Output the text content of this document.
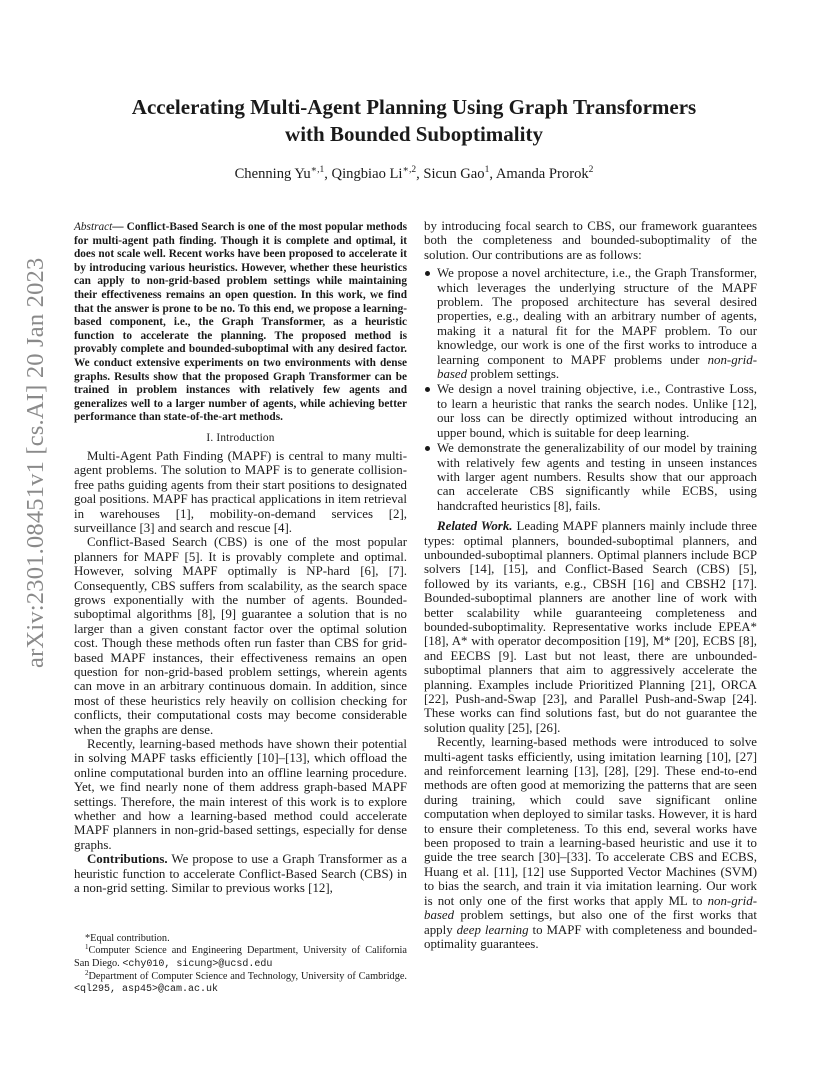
arXiv:2301.08451v1 [cs.AI] 20 Jan 2023
Accelerating Multi-Agent Planning Using Graph Transformers
with Bounded Suboptimality
Chenning $Yu^{∗,1}$, Qingbiao $Li^{∗,2}$, Sicun Gao$^1$, Amanda Prorok$^2$
Abstract— Conflict-Based Search is one of the most popular methods for multi-agent path finding. Though it is complete and optimal, it does not scale well. Recent works have been proposed to accelerate it by introducing various heuristics. However, whether these heuristics can apply to non-grid-based problem settings while maintaining their effectiveness remains an open question. In this work, we find that the answer is prone to be no. To this end, we propose a learning-based component, i.e., the Graph Transformer, as a heuristic function to accelerate the planning. The proposed method is provably complete and bounded-suboptimal with any desired factor. We conduct extensive experiments on two environments with dense graphs. Results show that the proposed Graph Transformer can be trained in problem instances with relatively few agents and generalizes well to a larger number of agents, while achieving better performance than state-of-the-art methods.
I. Introduction

Multi-Agent Path Finding (MAPF) is central to many multi-agent problems. The solution to MAPF is to generate collision-free paths guiding agents from their start positions to designated goal positions. MAPF has practical applications in item retrieval in warehouses [1], mobility-on-demand services [2], surveillance [3] and search and rescue [4].

Conflict-Based Search (CBS) is one of the most popular planners for MAPF [5]. It is provably complete and optimal. However, solving MAPF optimally is NP-hard [6], [7]. Consequently, CBS suffers from scalability, as the search space grows exponentially with the number of agents. Bounded-suboptimal algorithms [8], [9] guarantee a solution that is no larger than a given constant factor over the optimal solution cost. Though these methods often run faster than CBS for grid-based MAPF instances, their effectiveness remains an open question for non-grid-based problem settings, wherein agents can move in an arbitrary continuous domain. In addition, since most of these heuristics rely heavily on collision checking for conflicts, their computational costs may become considerable when the graphs are dense.

Recently, learning-based methods have shown their potential in solving MAPF tasks efficiently [10]–[13], which offload the online computational burden into an offline learning procedure. Yet, we find nearly none of them address graph-based MAPF settings. Therefore, the main interest of this work is to explore whether and how a learning-based method could accelerate MAPF planners in non-grid-based settings, especially for dense graphs.

Contributions. We propose to use a Graph Transformer as a heuristic function to accelerate Conflict-Based Search (CBS) in a non-grid setting. Similar to previous works [12],

*Equal contribution.

$^1$Computer Science and Engineering Department, University of California San Diego. <chy010, sicung>@ucsd.edu

$^2$Department of Computer Science and Technology, University of Cambridge. <ql295, asp45>@cam.ac.uk

by introducing focal search to CBS, our framework guarantees both the completeness and bounded-suboptimality of the solution. Our contributions are as follows:

We propose a novel architecture, i.e., the Graph Transformer, which leverages the underlying structure of the MAPF problem. The proposed architecture has several desired properties, e.g., dealing with an arbitrary number of agents, making it a natural fit for the MAPF problem. To our knowledge, our work is one of the first works to introduce a learning component to MAPF problems under non-grid-based problem settings.
We design a novel training objective, i.e., Contrastive Loss, to learn a heuristic that ranks the search nodes. Unlike [12], our loss can be directly optimized without introducing an upper bound, which is suitable for deep learning.
We demonstrate the generalizability of our model by training with relatively few agents and testing in unseen instances with larger agent numbers. Results show that our approach can accelerate CBS significantly while ECBS, using handcrafted heuristics [8], fails.

Related Work. Leading MAPF planners mainly include three types: optimal planners, bounded-suboptimal planners, and unbounded-suboptimal planners. Optimal planners include BCP solvers [14], [15], and Conflict-Based Search (CBS) [5], followed by its variants, e.g., CBSH [16] and CBSH2 [17]. Bounded-suboptimal planners are another line of work with better scalability while guaranteeing completeness and bounded-suboptimality. Representative works include EPEA* [18], A* with operator decomposition [19], M* [20], ECBS [8], and EECBS [9]. Last but not least, there are unbounded-suboptimal planners that aim to aggressively accelerate the planning. Examples include Prioritized Planning [21], ORCA [22], Push-and-Swap [23], and Parallel Push-and-Swap [24]. These works can find solutions fast, but do not guarantee the solution quality [25], [26].

Recently, learning-based methods were introduced to solve multi-agent tasks efficiently, using imitation learning [10], [27] and reinforcement learning [13], [28], [29]. These end-to-end methods are often good at memorizing the patterns that are seen during training, which could save significant online computation when deployed to similar tasks. However, it is hard to ensure their completeness. To this end, several works have been proposed to train a learning-based heuristic and use it to guide the tree search [30]–[33]. To accelerate CBS and ECBS, Huang et al. [11], [12] use Supported Vector Machines (SVM) to bias the search, and train it via imitation learning. Our work is not only one of the first works that apply ML to non-grid-based problem settings, but also one of the first works that apply deep learning to MAPF with completeness and bounded-optimality guarantees.
